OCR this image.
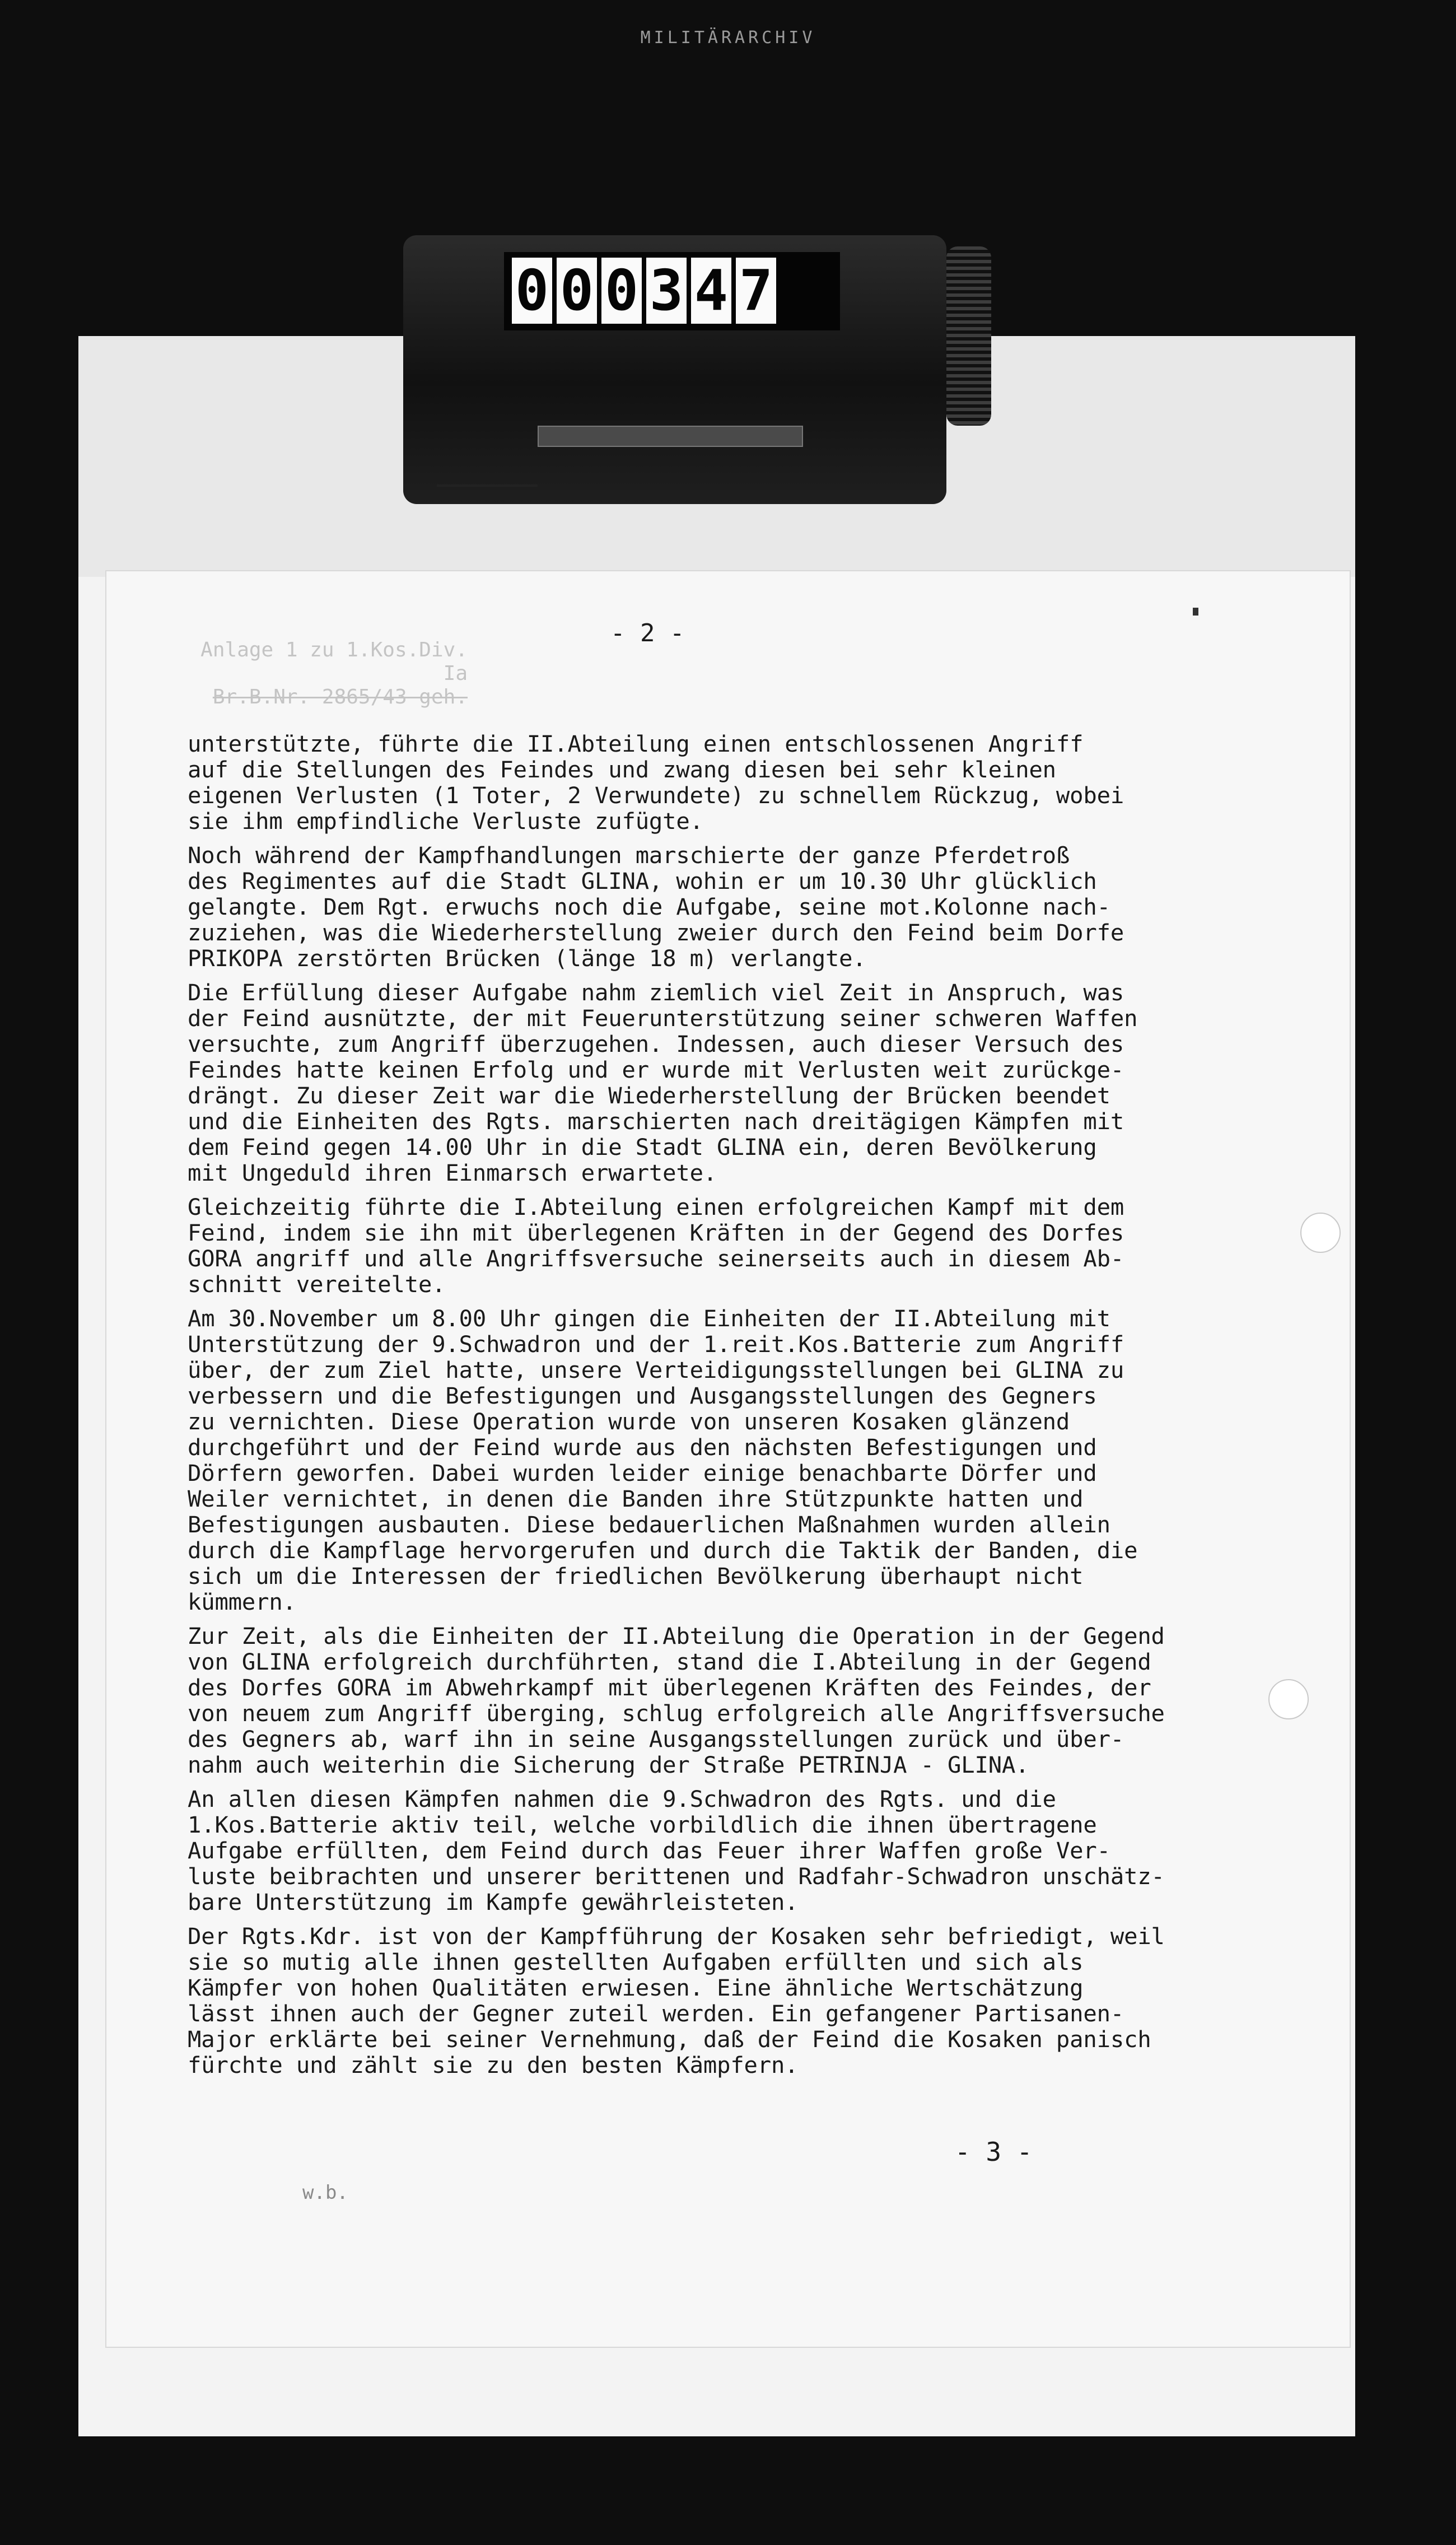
MILITÄRARCHIV
0 0 0 3 4 7
- 2 -
Anlage 1 zu 1.Kos.Div. Ia
Br.B.Nr. 2865/43 geh.
unterstützte, führte die II.Abteilung einen entschlossenen Angriff
auf die Stellungen des Feindes und zwang diesen bei sehr kleinen
eigenen Verlusten (1 Toter, 2 Verwundete) zu schnellem Rückzug, wobei
sie ihm empfindliche Verluste zufügte.
Noch während der Kampfhandlungen marschierte der ganze Pferdetroß
des Regimentes auf die Stadt GLINA, wohin er um 10.30 Uhr glücklich
gelangte. Dem Rgt. erwuchs noch die Aufgabe, seine mot.Kolonne nach-
zuziehen, was die Wiederherstellung zweier durch den Feind beim Dorfe
PRIKOPA zerstörten Brücken (länge 18 m) verlangte.
Die Erfüllung dieser Aufgabe nahm ziemlich viel Zeit in Anspruch, was
der Feind ausnützte, der mit Feuerunterstützung seiner schweren Waffen
versuchte, zum Angriff überzugehen. Indessen, auch dieser Versuch des
Feindes hatte keinen Erfolg und er wurde mit Verlusten weit zurückge-
drängt. Zu dieser Zeit war die Wiederherstellung der Brücken beendet
und die Einheiten des Rgts. marschierten nach dreitägigen Kämpfen mit
dem Feind gegen 14.00 Uhr in die Stadt GLINA ein, deren Bevölkerung
mit Ungeduld ihren Einmarsch erwartete.
Gleichzeitig führte die I.Abteilung einen erfolgreichen Kampf mit dem
Feind, indem sie ihn mit überlegenen Kräften in der Gegend des Dorfes
GORA angriff und alle Angriffsversuche seinerseits auch in diesem Ab-
schnitt vereitelte.
Am 30.November um 8.00 Uhr gingen die Einheiten der II.Abteilung mit
Unterstützung der 9.Schwadron und der 1.reit.Kos.Batterie zum Angriff
über, der zum Ziel hatte, unsere Verteidigungsstellungen bei GLINA zu
verbessern und die Befestigungen und Ausgangsstellungen des Gegners
zu vernichten. Diese Operation wurde von unseren Kosaken glänzend
durchgeführt und der Feind wurde aus den nächsten Befestigungen und
Dörfern geworfen. Dabei wurden leider einige benachbarte Dörfer und
Weiler vernichtet, in denen die Banden ihre Stützpunkte hatten und
Befestigungen ausbauten. Diese bedauerlichen Maßnahmen wurden allein
durch die Kampflage hervorgerufen und durch die Taktik der Banden, die
sich um die Interessen der friedlichen Bevölkerung überhaupt nicht
kümmern.
Zur Zeit, als die Einheiten der II.Abteilung die Operation in der Gegend
von GLINA erfolgreich durchführten, stand die I.Abteilung in der Gegend
des Dorfes GORA im Abwehrkampf mit überlegenen Kräften des Feindes, der
von neuem zum Angriff überging, schlug erfolgreich alle Angriffsversuche
des Gegners ab, warf ihn in seine Ausgangsstellungen zurück und über-
nahm auch weiterhin die Sicherung der Straße PETRINJA - GLINA.
An allen diesen Kämpfen nahmen die 9.Schwadron des Rgts. und die
1.Kos.Batterie aktiv teil, welche vorbildlich die ihnen übertragene
Aufgabe erfüllten, dem Feind durch das Feuer ihrer Waffen große Ver-
luste beibrachten und unserer berittenen und Radfahr-Schwadron unschätz-
bare Unterstützung im Kampfe gewährleisteten.
Der Rgts.Kdr. ist von der Kampfführung der Kosaken sehr befriedigt, weil
sie so mutig alle ihnen gestellten Aufgaben erfüllten und sich als
Kämpfer von hohen Qualitäten erwiesen. Eine ähnliche Wertschätzung
lässt ihnen auch der Gegner zuteil werden. Ein gefangener Partisanen-
Major erklärte bei seiner Vernehmung, daß der Feind die Kosaken panisch
fürchte und zählt sie zu den besten Kämpfern.
- 3 -
w.b.
